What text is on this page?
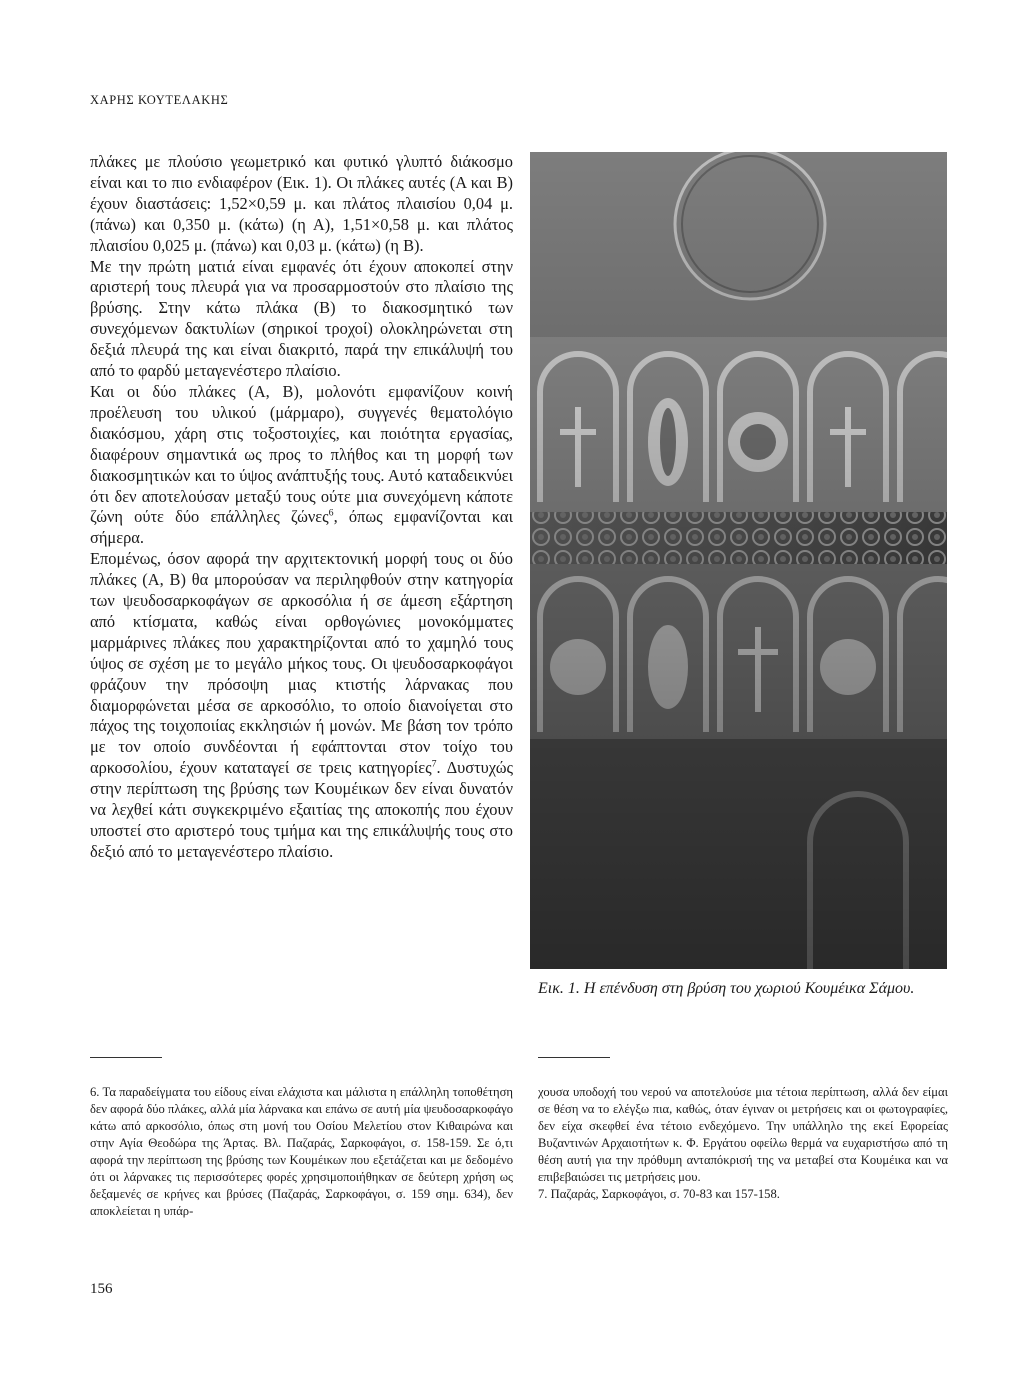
ΧΑΡΗΣ ΚΟΥΤΕΛΑΚΗΣ

πλάκες με πλούσιο γεωμετρικό και φυτικό γλυπτό διάκοσμο είναι και το πιο ενδιαφέρον (Εικ. 1). Οι πλάκες αυτές (Α και Β) έχουν διαστάσεις: 1,52×0,59 μ. και πλάτος πλαισίου 0,04 μ. (πάνω) και 0,350 μ. (κάτω) (η Α), 1,51×0,58 μ. και πλάτος πλαισίου 0,025 μ. (πάνω) και 0,03 μ. (κάτω) (η Β).

Με την πρώτη ματιά είναι εμφανές ότι έχουν αποκοπεί στην αριστερή τους πλευρά για να προσαρμοστούν στο πλαίσιο της βρύσης. Στην κάτω πλάκα (Β) το διακοσμητικό των συνεχόμενων δακτυλίων (σηρικοί τροχοί) ολοκληρώνεται στη δεξιά πλευρά της και είναι διακριτό, παρά την επικάλυψή του από το φαρδύ μεταγενέστερο πλαίσιο.

Και οι δύο πλάκες (Α, Β), μολονότι εμφανίζουν κοινή προέλευση του υλικού (μάρμαρο), συγγενές θεματολόγιο διακόσμου, χάρη στις τοξοστοιχίες, και ποιότητα εργασίας, διαφέρουν σημαντικά ως προς το πλήθος και τη μορφή των διακοσμητικών και το ύψος ανάπτυξής τους. Αυτό καταδεικνύει ότι δεν αποτελούσαν μεταξύ τους ούτε μια συνεχόμενη κάποτε ζώνη ούτε δύο επάλληλες ζώνες$^6$, όπως εμφανίζονται και σήμερα.

Επομένως, όσον αφορά την αρχιτεκτονική μορφή τους οι δύο πλάκες (Α, Β) θα μπορούσαν να περιληφθούν στην κατηγορία των ψευδοσαρκοφάγων σε αρκοσόλια ή σε άμεση εξάρτηση από κτίσματα, καθώς είναι ορθογώνιες μονοκόμματες μαρμάρινες πλάκες που χαρακτηρίζονται από το χαμηλό τους ύψος σε σχέση με το μεγάλο μήκος τους. Οι ψευδοσαρκοφάγοι φράζουν την πρόσοψη μιας κτιστής λάρνακας που διαμορφώνεται μέσα σε αρκοσόλιο, το οποίο διανοίγεται στο πάχος της τοιχοποιίας εκκλησιών ή μονών. Με βάση τον τρόπο με τον οποίο συνδέονται ή εφάπτονται στον τοίχο του αρκοσολίου, έχουν καταταγεί σε τρεις κατηγορίες$^7$. Δυστυχώς στην περίπτωση της βρύσης των Κουμέικων δεν είναι δυνατόν να λεχθεί κάτι συγκεκριμένο εξαιτίας της αποκοπής που έχουν υποστεί στο αριστερό τους τμήμα και της επικάλυψής τους στο δεξιό από το μεταγενέστερο πλαίσιο.

Εικ. 1. Η επένδυση στη βρύση του χωριού Κουμέικα Σάμου.

6. Τα παραδείγματα του είδους είναι ελάχιστα και μάλιστα η επάλληλη τοποθέτηση δεν αφορά δύο πλάκες, αλλά μία λάρνακα και επάνω σε αυτή μία ψευδοσαρκοφάγο κάτω από αρκοσόλιο, όπως στη μονή του Οσίου Μελετίου στον Κιθαιρώνα και στην Αγία Θεοδώρα της Άρτας. Βλ. Παζαράς, Σαρκοφάγοι, σ. 158-159. Σε ό,τι αφορά την περίπτωση της βρύσης των Κουμέικων που εξετάζεται και με δεδομένο ότι οι λάρνακες τις περισσότερες φορές χρησιμοποιήθηκαν σε δεύτερη χρήση ως δεξαμενές σε κρήνες και βρύσες (Παζαράς, Σαρκοφάγοι, σ. 159 σημ. 634), δεν αποκλείεται η υπάρ-

χουσα υποδοχή του νερού να αποτελούσε μια τέτοια περίπτωση, αλλά δεν είμαι σε θέση να το ελέγξω πια, καθώς, όταν έγιναν οι μετρήσεις και οι φωτογραφίες, δεν είχα σκεφθεί ένα τέτοιο ενδεχόμενο. Την υπάλληλο της εκεί Εφορείας Βυζαντινών Αρχαιοτήτων κ. Φ. Εργάτου οφείλω θερμά να ευχαριστήσω από τη θέση αυτή για την πρόθυμη ανταπόκρισή της να μεταβεί στα Κουμέικα και να επιβεβαιώσει τις μετρήσεις μου.

7. Παζαράς, Σαρκοφάγοι, σ. 70-83 και 157-158.

156
